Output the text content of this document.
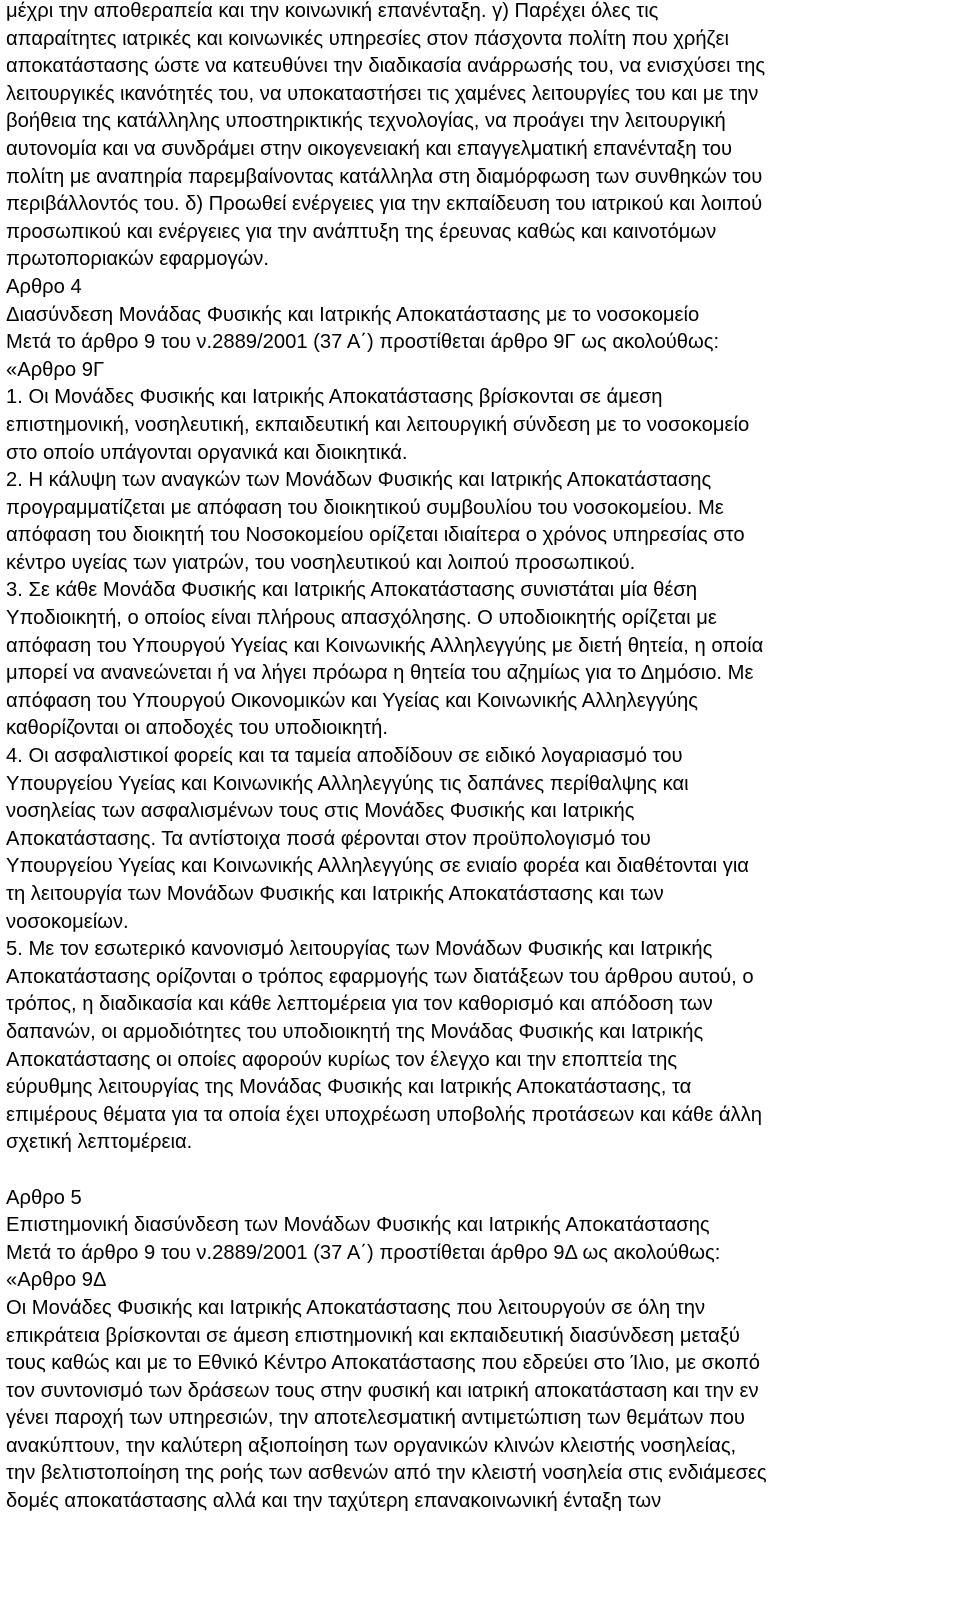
μέχρι την αποθεραπεία και την κοινωνική επανένταξη. γ) Παρέχει όλες τις
απαραίτητες ιατρικές και κοινωνικές υπηρεσίες στον πάσχοντα πολίτη που χρήζει
αποκατάστασης ώστε να κατευθύνει την διαδικασία ανάρρωσής του, να ενισχύσει της
λειτουργικές ικανότητές του, να υποκαταστήσει τις χαμένες λειτουργίες του και με την
βοήθεια της κατάλληλης υποστηρικτικής τεχνολογίας, να προάγει την λειτουργική
αυτονομία και να συνδράμει στην οικογενειακή και επαγγελματική επανένταξη του
πολίτη με αναπηρία παρεμβαίνοντας κατάλληλα στη διαμόρφωση των συνθηκών του
περιβάλλοντός του. δ) Προωθεί ενέργειες για την εκπαίδευση του ιατρικού και λοιπού
προσωπικού και ενέργειες για την ανάπτυξη της έρευνας καθώς και καινοτόμων
πρωτοποριακών εφαρμογών.
Αρθρο 4
Διασύνδεση Μονάδας Φυσικής και Ιατρικής Αποκατάστασης με το νοσοκομείο
Μετά το άρθρο 9 του ν.2889/2001 (37 Α΄) προστίθεται άρθρο 9Γ ως ακολούθως:
«Αρθρο 9Γ
1. Οι Μονάδες Φυσικής και Ιατρικής Αποκατάστασης βρίσκονται σε άμεση
επιστημονική, νοσηλευτική, εκπαιδευτική και λειτουργική σύνδεση με το νοσοκομείο
στο οποίο υπάγονται οργανικά και διοικητικά.
2. Η κάλυψη των αναγκών των Μονάδων Φυσικής και Ιατρικής Αποκατάστασης
προγραμματίζεται με απόφαση του διοικητικού συμβουλίου του νοσοκομείου. Με
απόφαση του διοικητή του Νοσοκομείου ορίζεται ιδιαίτερα ο χρόνος υπηρεσίας στο
κέντρο υγείας των γιατρών, του νοσηλευτικού και λοιπού προσωπικού.
3. Σε κάθε Μονάδα Φυσικής και Ιατρικής Αποκατάστασης συνιστάται μία θέση
Υποδιοικητή, ο οποίος είναι πλήρους απασχόλησης. Ο υποδιοικητής ορίζεται με
απόφαση του Υπουργού Υγείας και Κοινωνικής Αλληλεγγύης με διετή θητεία, η οποία
μπορεί να ανανεώνεται ή να λήγει πρόωρα η θητεία του αζημίως για το Δημόσιο. Με
απόφαση του Υπουργού Οικονομικών και Υγείας και Κοινωνικής Αλληλεγγύης
καθορίζονται οι αποδοχές του υποδιοικητή.
4. Οι ασφαλιστικοί φορείς και τα ταμεία αποδίδουν σε ειδικό λογαριασμό του
Υπουργείου Υγείας και Κοινωνικής Αλληλεγγύης τις δαπάνες περίθαλψης και
νοσηλείας των ασφαλισμένων τους στις Μονάδες Φυσικής και Ιατρικής
Αποκατάστασης. Τα αντίστοιχα ποσά φέρονται στον προϋπολογισμό του
Υπουργείου Υγείας και Κοινωνικής Αλληλεγγύης σε ενιαίο φορέα και διαθέτονται για
τη λειτουργία των Μονάδων Φυσικής και Ιατρικής Αποκατάστασης και των
νοσοκομείων.
5. Με τον εσωτερικό κανονισμό λειτουργίας των Μονάδων Φυσικής και Ιατρικής
Αποκατάστασης ορίζονται ο τρόπος εφαρμογής των διατάξεων του άρθρου αυτού, ο
τρόπος, η διαδικασία και κάθε λεπτομέρεια για τον καθορισμό και απόδοση των
δαπανών, οι αρμοδιότητες του υποδιοικητή της Μονάδας Φυσικής και Ιατρικής
Αποκατάστασης οι οποίες αφορούν κυρίως τον έλεγχο και την εποπτεία της
εύρυθμης λειτουργίας της Μονάδας Φυσικής και Ιατρικής Αποκατάστασης, τα
επιμέρους θέματα για τα οποία έχει υποχρέωση υποβολής προτάσεων και κάθε άλλη
σχετική λεπτομέρεια.
Αρθρο 5
Επιστημονική διασύνδεση των Μονάδων Φυσικής και Ιατρικής Αποκατάστασης
Μετά το άρθρο 9 του ν.2889/2001 (37 Α΄) προστίθεται άρθρο 9Δ ως ακολούθως:
«Αρθρο 9Δ
Οι Μονάδες Φυσικής και Ιατρικής Αποκατάστασης που λειτουργούν σε όλη την
επικράτεια βρίσκονται σε άμεση επιστημονική και εκπαιδευτική διασύνδεση μεταξύ
τους καθώς και με το Εθνικό Κέντρο Αποκατάστασης που εδρεύει στο Ίλιο, με σκοπό
τον συντονισμό των δράσεων τους στην φυσική και ιατρική αποκατάσταση και την εν
γένει παροχή των υπηρεσιών, την αποτελεσματική αντιμετώπιση των θεμάτων που
ανακύπτουν, την καλύτερη αξιοποίηση των οργανικών κλινών κλειστής νοσηλείας,
την βελτιστοποίηση της ροής των ασθενών από την κλειστή νοσηλεία στις ενδιάμεσες
δομές αποκατάστασης αλλά και την ταχύτερη επανακοινωνική ένταξη των
